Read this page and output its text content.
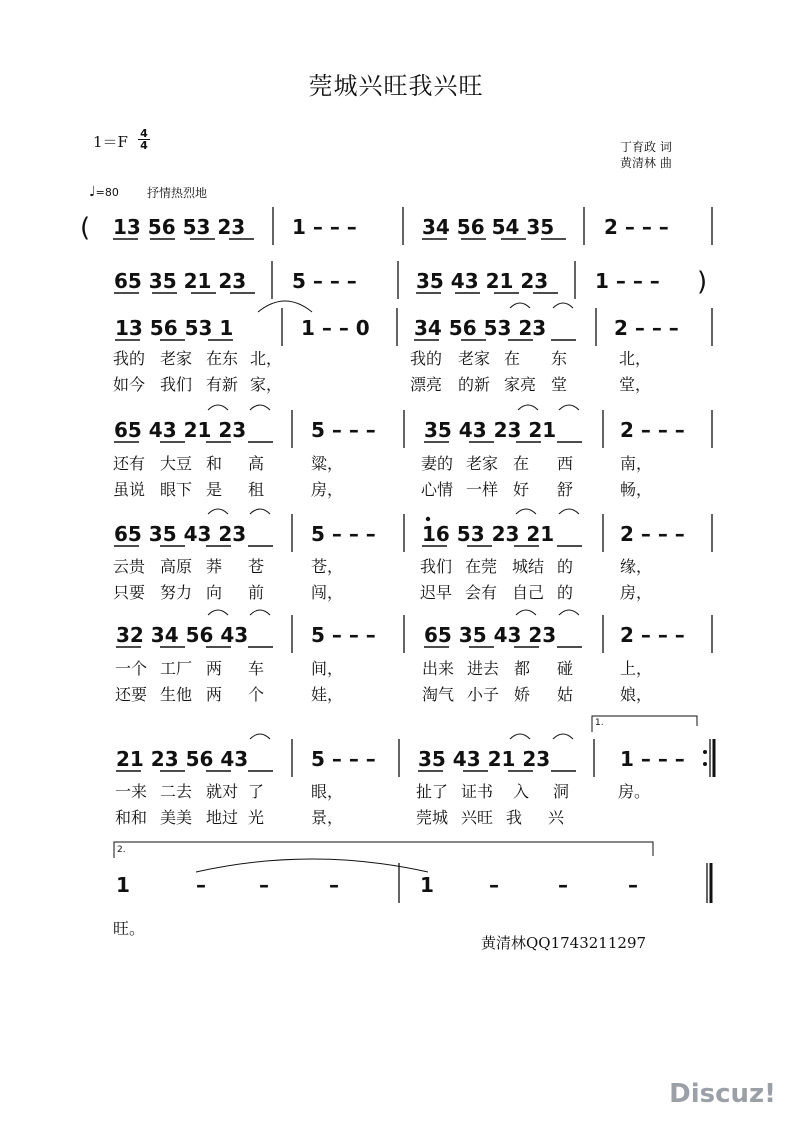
莞城兴旺我兴旺
$1=F \frac{4}{4}$	丁育政 词
黄清林 曲
♩=80 抒情热烈地
( 13 56 53 23 1 – – –	34 56 54 35 2 – – –
65 35 21 23 5 – – –	35 43 21 23 1 – – – )
13 56 53 1	1 – – 0 34 56 53 23	2 – – –
65 43 21 23	5 – – – 35 43 23 21	2 – – –
65 35 43 23	5 – – – 16 53 23 21	2 – – –
32 34 56 43	5 – – – 65 35 43 23	2 – – –
1.
21 23 56 43	5 – – – 35 43 21 23	1 – – –
2.
1	–	–	–	1	–	–	–
我的 老家 在东 北，	我的 老家 在 东	北，
如今 我们 有新 家，	漂亮 的新 家亮 堂	堂，
还有 大豆 和 高	粱，	妻的 老家 在 西	南，
虽说 眼下 是 租	房，	心情 一样 好 舒	畅，
云贵 高原 莽 苍	苍，	我们 在莞 城结 的	缘，
只要 努力 向 前	闯，	迟早 会有 自己 的	房，
一个 工厂 两 车	间，	出来 进去 都 碰	上，
还要 生他 两 个	娃，	淘气 小子 娇 姑	娘，
一来 二去 就对 了	眼，	扯了 证书 入 洞	房。
和和 美美 地过 光	景，	莞城 兴旺 我 兴
旺。
黄清林QQ1743211297
Discuz!
